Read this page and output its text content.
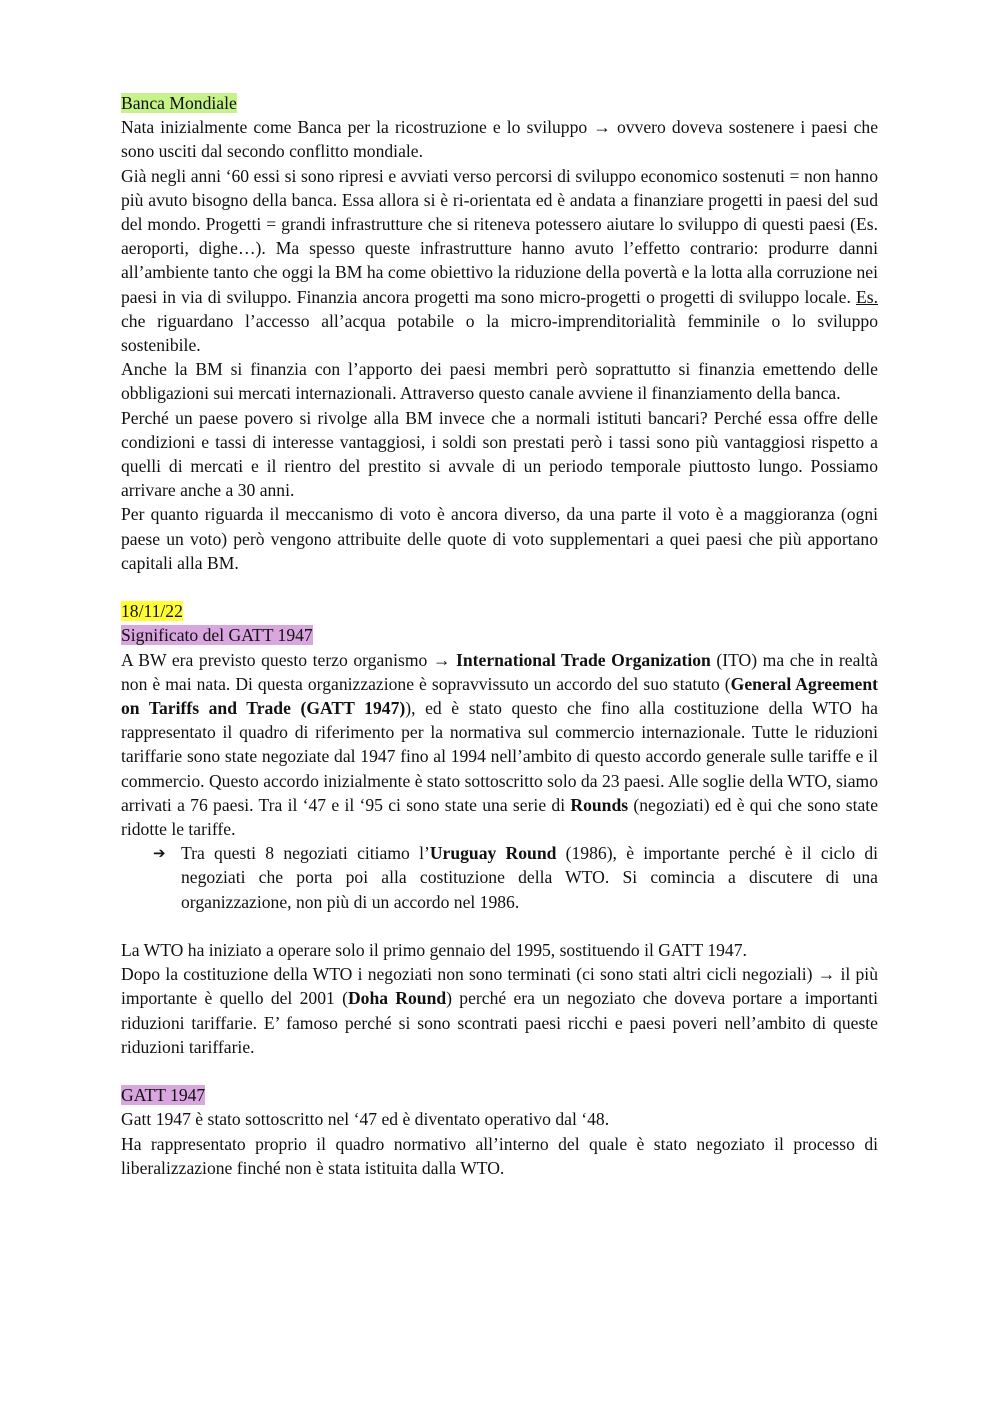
Banca Mondiale

Nata inizialmente come Banca per la ricostruzione e lo sviluppo → ovvero doveva sostenere i paesi che sono usciti dal secondo conflitto mondiale.

Già negli anni ‘60 essi si sono ripresi e avviati verso percorsi di sviluppo economico sostenuti = non hanno più avuto bisogno della banca. Essa allora si è ri-orientata ed è andata a finanziare progetti in paesi del sud del mondo. Progetti = grandi infrastrutture che si riteneva potessero aiutare lo sviluppo di questi paesi (Es. aeroporti, dighe…). Ma spesso queste infrastrutture hanno avuto l’effetto contrario: produrre danni all’ambiente tanto che oggi la BM ha come obiettivo la riduzione della povertà e la lotta alla corruzione nei paesi in via di sviluppo. Finanzia ancora progetti ma sono micro-progetti o progetti di sviluppo locale. Es. che riguardano l’accesso all’acqua potabile o la micro-imprenditorialità femminile o lo sviluppo sostenibile.

Anche la BM si finanzia con l’apporto dei paesi membri però soprattutto si finanzia emettendo delle obbligazioni sui mercati internazionali. Attraverso questo canale avviene il finanziamento della banca.

Perché un paese povero si rivolge alla BM invece che a normali istituti bancari? Perché essa offre delle condizioni e tassi di interesse vantaggiosi, i soldi son prestati però i tassi sono più vantaggiosi rispetto a quelli di mercati e il rientro del prestito si avvale di un periodo temporale piuttosto lungo. Possiamo arrivare anche a 30 anni.

Per quanto riguarda il meccanismo di voto è ancora diverso, da una parte il voto è a maggioranza (ogni paese un voto) però vengono attribuite delle quote di voto supplementari a quei paesi che più apportano capitali alla BM.

18/11/22

Significato del GATT 1947

A BW era previsto questo terzo organismo → International Trade Organization (ITO) ma che in realtà non è mai nata. Di questa organizzazione è sopravvissuto un accordo del suo statuto (General Agreement on Tariffs and Trade (GATT 1947)), ed è stato questo che fino alla costituzione della WTO ha rappresentato il quadro di riferimento per la normativa sul commercio internazionale. Tutte le riduzioni tariffarie sono state negoziate dal 1947 fino al 1994 nell’ambito di questo accordo generale sulle tariffe e il commercio. Questo accordo inizialmente è stato sottoscritto solo da 23 paesi. Alle soglie della WTO, siamo arrivati a 76 paesi. Tra il ‘47 e il ‘95 ci sono state una serie di Rounds (negoziati) ed è qui che sono state ridotte le tariffe.

➔ Tra questi 8 negoziati citiamo l’Uruguay Round (1986), è importante perché è il ciclo di negoziati che porta poi alla costituzione della WTO. Si comincia a discutere di una organizzazione, non più di un accordo nel 1986.

La WTO ha iniziato a operare solo il primo gennaio del 1995, sostituendo il GATT 1947.

Dopo la costituzione della WTO i negoziati non sono terminati (ci sono stati altri cicli negoziali) → il più importante è quello del 2001 (Doha Round) perché era un negoziato che doveva portare a importanti riduzioni tariffarie. E’ famoso perché si sono scontrati paesi ricchi e paesi poveri nell’ambito di queste riduzioni tariffarie.

GATT 1947

Gatt 1947 è stato sottoscritto nel ‘47 ed è diventato operativo dal ‘48.

Ha rappresentato proprio il quadro normativo all’interno del quale è stato negoziato il processo di liberalizzazione finché non è stata istituita dalla WTO.
